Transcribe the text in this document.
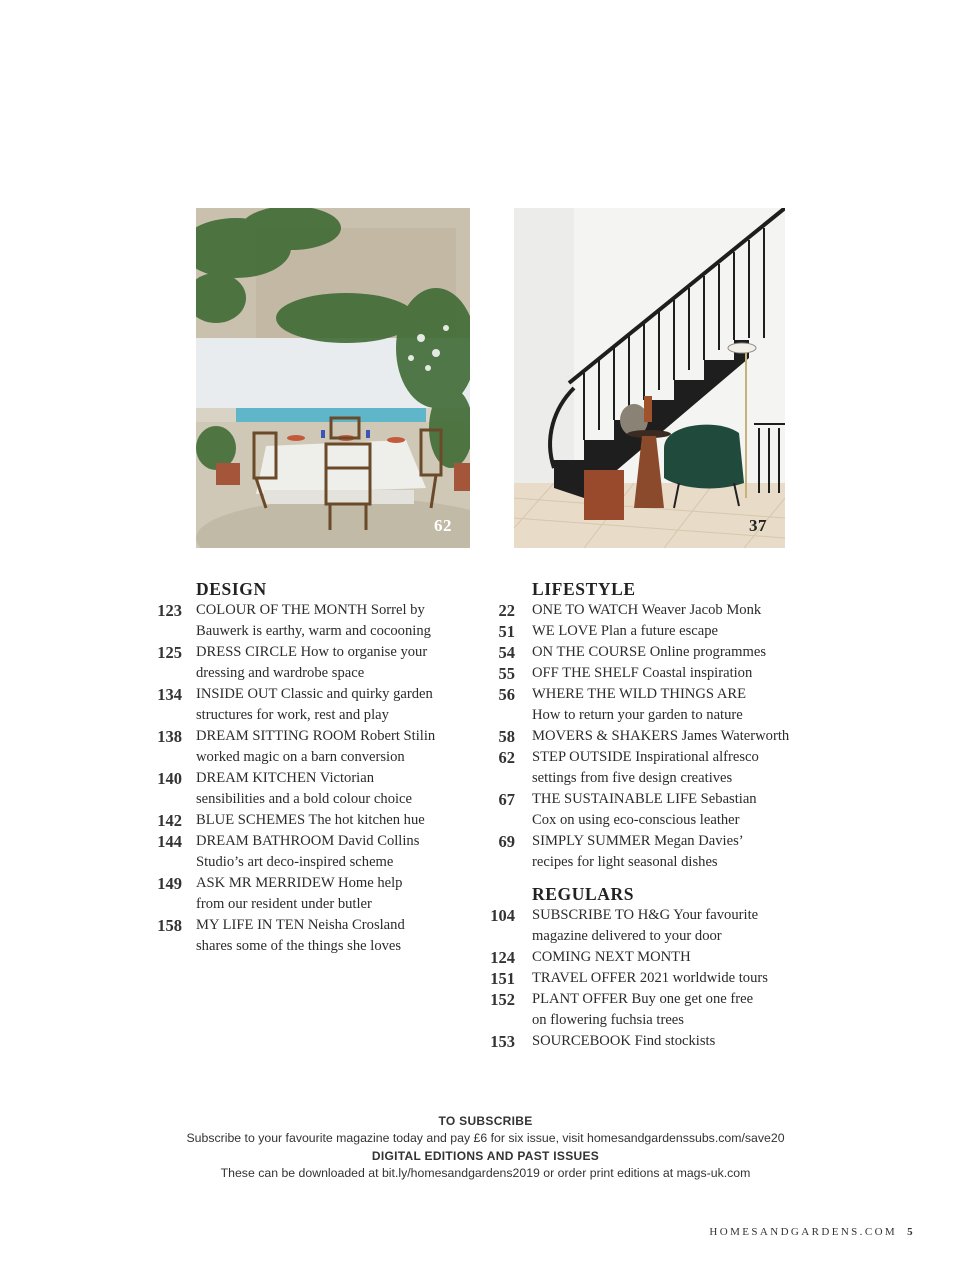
62	37
DESIGN
123 COLOUR OF THE MONTH Sorrel by
Bauwerk is earthy, warm and cocooning
125 DRESS CIRCLE How to organise your
dressing and wardrobe space
134 INSIDE OUT Classic and quirky garden
structures for work, rest and play
138 DREAM SITTING ROOM Robert Stilin
worked magic on a barn conversion
140 DREAM KITCHEN Victorian
sensibilities and a bold colour choice
142 BLUE SCHEMES The hot kitchen hue
144 DREAM BATHROOM David Collins
Studio’s art deco-inspired scheme
149 ASK MR MERRIDEW Home help
from our resident under butler
158 MY LIFE IN TEN Neisha Crosland
shares some of the things she loves
LIFESTYLE
22 ONE TO WATCH Weaver Jacob Monk
51 WE LOVE Plan a future escape
54 ON THE COURSE Online programmes
55 OFF THE SHELF Coastal inspiration
56 WHERE THE WILD THINGS ARE
How to return your garden to nature
58 MOVERS & SHAKERS James Waterworth
62 STEP OUTSIDE Inspirational alfresco
settings from five design creatives
67 THE SUSTAINABLE LIFE Sebastian
Cox on using eco-conscious leather
69 SIMPLY SUMMER Megan Davies’
recipes for light seasonal dishes
REGULARS
104 SUBSCRIBE TO H&G Your favourite
magazine delivered to your door
124 COMING NEXT MONTH
151 TRAVEL OFFER 2021 worldwide tours
152 PLANT OFFER Buy one get one free
on flowering fuchsia trees
153 SOURCEBOOK Find stockists
TO SUBSCRIBE
Subscribe to your favourite magazine today and pay £6 for six issue, visit homesandgardenssubs.com/save20
DIGITAL EDITIONS AND PAST ISSUES
These can be downloaded at bit.ly/homesandgardens2019 or order print editions at mags-uk.com
HOMESANDGARDENS.COM 5
